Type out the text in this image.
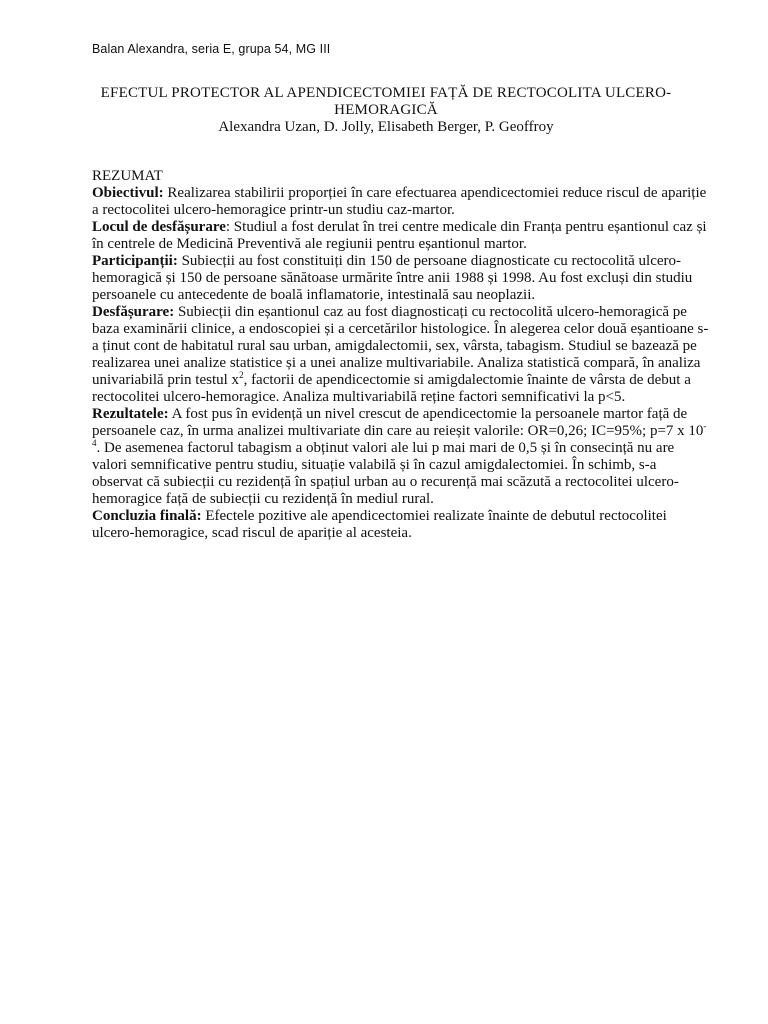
Balan Alexandra, seria E, grupa 54, MG III
EFECTUL PROTECTOR AL APENDICECTOMIEI FAȚĂ DE RECTOCOLITA ULCERO-
HEMORAGICĂ
Alexandra Uzan, D. Jolly, Elisabeth Berger, P. Geoffroy
REZUMAT

Obiectivul: Realizarea stabilirii proporției în care efectuarea apendicectomiei reduce riscul de apariție a rectocolitei ulcero-hemoragice printr-un studiu caz-martor.

Locul de desfășurare: Studiul a fost derulat în trei centre medicale din Franța pentru eșantionul caz și în centrele de Medicină Preventivă ale regiunii pentru eșantionul martor.

Participanții: Subiecții au fost constituiți din 150 de persoane diagnosticate cu rectocolită ulcero-hemoragică și 150 de persoane sănătoase urmărite între anii 1988 și 1998. Au fost excluși din studiu persoanele cu antecedente de boală inflamatorie, intestinală sau neoplazii.

Desfășurare: Subiecții din eșantionul caz au fost diagnosticați cu rectocolită ulcero-hemoragică pe baza examinării clinice, a endoscopiei și a cercetărilor histologice. În alegerea celor două eșantioane s-a ținut cont de habitatul rural sau urban, amigdalectomii, sex, vârsta, tabagism. Studiul se bazează pe realizarea unei analize statistice și a unei analize multivariabile. Analiza statistică compară, în analiza univariabilă prin testul $x^2$, factorii de apendicectomie si amigdalectomie înainte de vârsta de debut a rectocolitei ulcero-hemoragice. Analiza multivariabilă reține factori semnificativi la p<5.

Rezultatele: A fost pus în evidență un nivel crescut de apendicectomie la persoanele martor față de persoanele caz, în urma analizei multivariate din care au reieșit valorile: OR=0,26; IC=95%; p=7 x $10^{-4}$. De asemenea factorul tabagism a obținut valori ale lui p mai mari de 0,5 și în consecință nu are valori semnificative pentru studiu, situație valabilă și în cazul amigdalectomiei. În schimb, s-a observat că subiecții cu rezidență în spațiul urban au o recurență mai scăzută a rectocolitei ulcero-hemoragice față de subiecții cu rezidență în mediul rural.

Concluzia finală: Efectele pozitive ale apendicectomiei realizate înainte de debutul rectocolitei ulcero-hemoragice, scad riscul de apariție al acesteia.
